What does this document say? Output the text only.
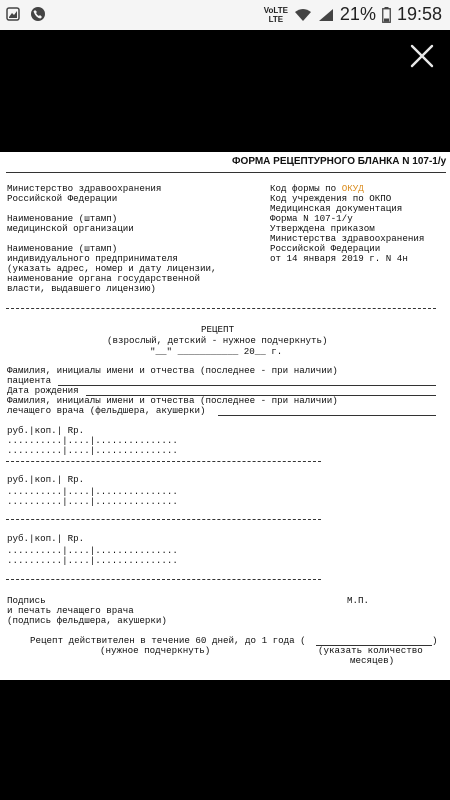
VoLTE
LTE	21% 19:58
ФОРМА РЕЦЕПТУРНОГО БЛАНКА N 107-1/у
Министерство здравоохранения
Российской Федерации
Наименование (штамп)
медицинской организации
Наименование (штамп)
индивидуального предпринимателя
(указать адрес, номер и дату лицензии,
наименование органа государственной
власти, выдавшего лицензию)
Код формы по ОКУД
Код учреждения по ОКПО
Медицинская документация
Форма N 107-1/у
Утверждена приказом
Министерства здравоохранения
Российской Федерации
от 14 января 2019 г. N 4н
РЕЦЕПТ
(взрослый, детский - нужное подчеркнуть)
"__" ___________ 20__ г.
Фамилия, инициалы имени и отчества (последнее - при наличии)
пациента
Дата рождения
Фамилия, инициалы имени и отчества (последнее - при наличии)
лечащего врача (фельдшера, акушерки)
руб.|коп.| Rp.
..........|....|...............
..........|....|...............
руб.|коп.| Rp.
..........|....|...............
..........|....|...............
руб.|коп.| Rp.
..........|....|...............
..........|....|...............
Подпись
и печать лечащего врача
(подпись фельдшера, акушерки)
М.П.
Рецепт действителен в течение 60 дней, до 1 года (	)
(нужное подчеркнуть)	(указать количество
месяцев)
